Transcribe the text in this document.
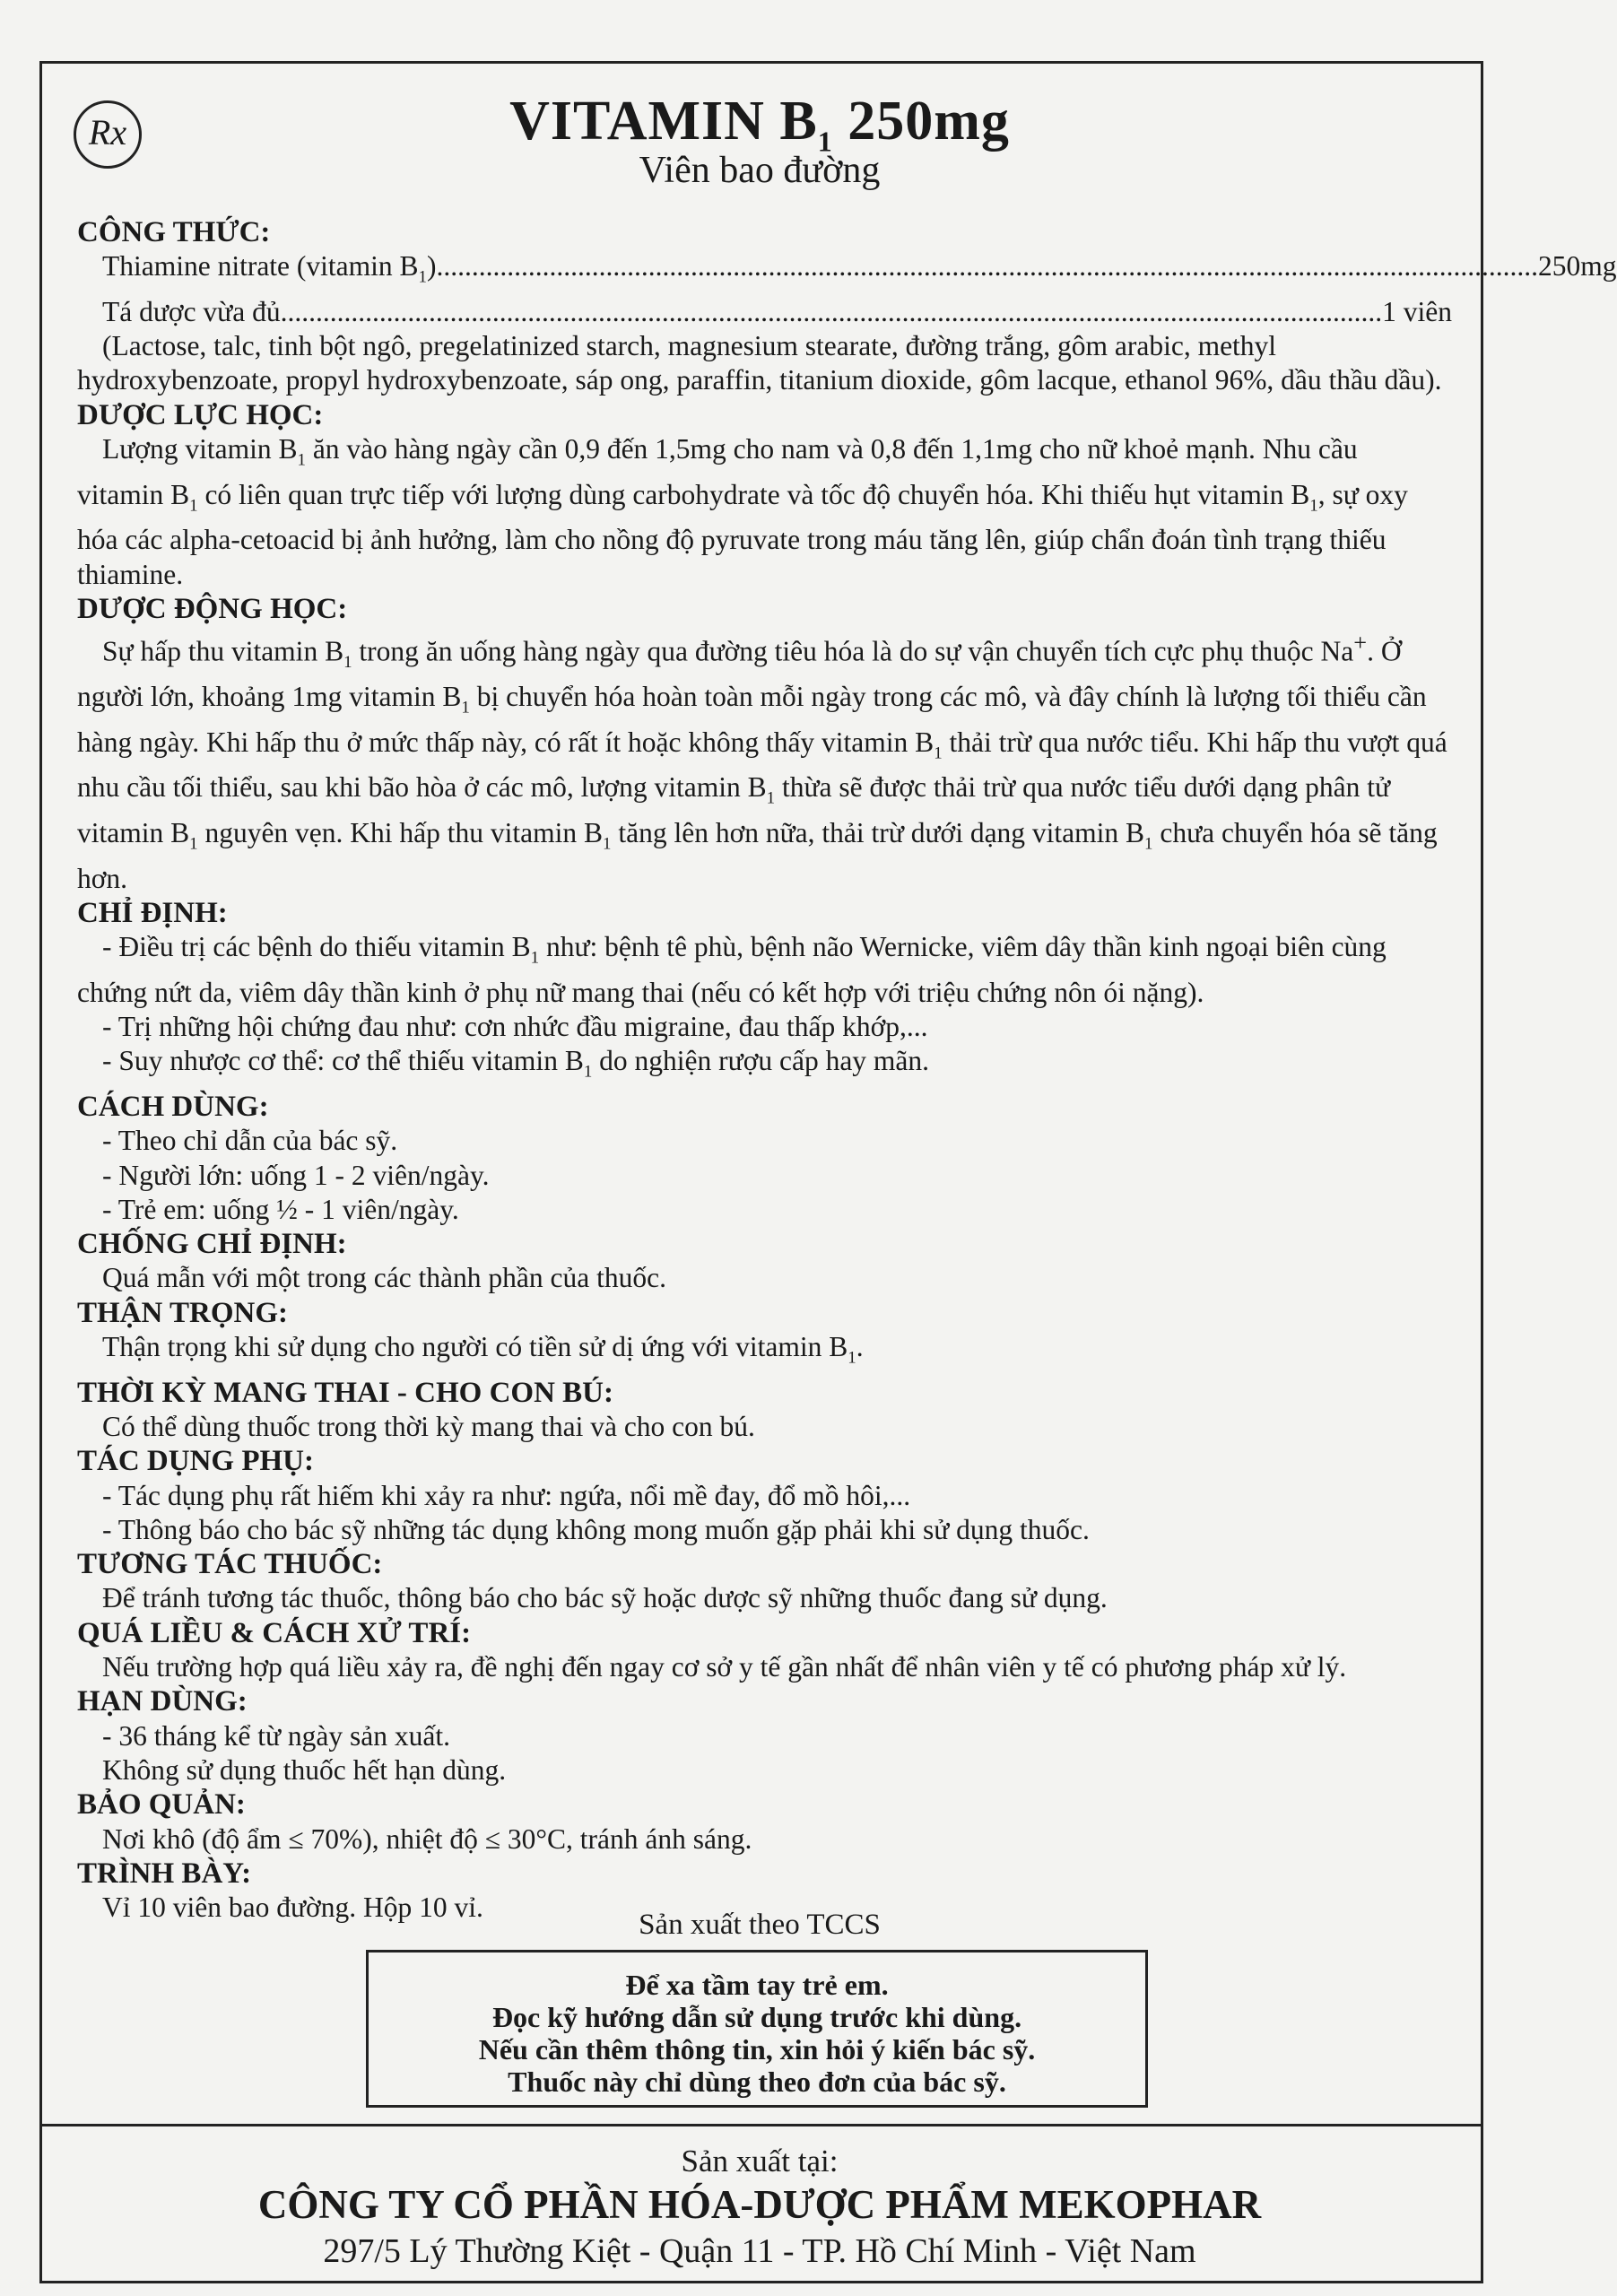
Rx	VITAMIN $B_1$ 250mg
Viên bao đường
CÔNG THỨC:
Thiamine nitrate (vitamin $B_1$) ............................................................................................................................................................ 250mg
Tá dược vừa đủ ............................................................................................................................................................ 1 viên
(Lactose, talc, tinh bột ngô, pregelatinized starch, magnesium stearate, đường trắng, gôm arabic, methyl hydroxybenzoate, propyl hydroxybenzoate, sáp ong, paraffin, titanium dioxide, gôm lacque, ethanol 96%, dầu thầu dầu).
DƯỢC LỰC HỌC:
Lượng vitamin $B_1$ ăn vào hàng ngày cần 0,9 đến 1,5mg cho nam và 0,8 đến 1,1mg cho nữ khoẻ mạnh. Nhu cầu vitamin $B_1$ có liên quan trực tiếp với lượng dùng carbohydrate và tốc độ chuyển hóa. Khi thiếu hụt vitamin $B_1$, sự oxy hóa các alpha-cetoacid bị ảnh hưởng, làm cho nồng độ pyruvate trong máu tăng lên, giúp chẩn đoán tình trạng thiếu thiamine.
DƯỢC ĐỘNG HỌC:
Sự hấp thu vitamin $B_1$ trong ăn uống hàng ngày qua đường tiêu hóa là do sự vận chuyển tích cực phụ thuộc Na+. Ở người lớn, khoảng 1mg vitamin $B_1$ bị chuyển hóa hoàn toàn mỗi ngày trong các mô, và đây chính là lượng tối thiểu cần hàng ngày. Khi hấp thu ở mức thấp này, có rất ít hoặc không thấy vitamin $B_1$ thải trừ qua nước tiểu. Khi hấp thu vượt quá nhu cầu tối thiểu, sau khi bão hòa ở các mô, lượng vitamin $B_1$ thừa sẽ được thải trừ qua nước tiểu dưới dạng phân tử vitamin $B_1$ nguyên vẹn. Khi hấp thu vitamin $B_1$ tăng lên hơn nữa, thải trừ dưới dạng vitamin $B_1$ chưa chuyển hóa sẽ tăng hơn.
CHỈ ĐỊNH:
- Điều trị các bệnh do thiếu vitamin $B_1$ như: bệnh tê phù, bệnh não Wernicke, viêm dây thần kinh ngoại biên cùng chứng nứt da, viêm dây thần kinh ở phụ nữ mang thai (nếu có kết hợp với triệu chứng nôn ói nặng).
- Trị những hội chứng đau như: cơn nhức đầu migraine, đau thấp khớp,...
- Suy nhược cơ thể: cơ thể thiếu vitamin $B_1$ do nghiện rượu cấp hay mãn.
CÁCH DÙNG:
- Theo chỉ dẫn của bác sỹ.
- Người lớn: uống 1 - 2 viên/ngày.
- Trẻ em: uống ½ - 1 viên/ngày.
CHỐNG CHỈ ĐỊNH:
Quá mẫn với một trong các thành phần của thuốc.
THẬN TRỌNG:
Thận trọng khi sử dụng cho người có tiền sử dị ứng với vitamin $B_1$.
THỜI KỲ MANG THAI - CHO CON BÚ:
Có thể dùng thuốc trong thời kỳ mang thai và cho con bú.
TÁC DỤNG PHỤ:
- Tác dụng phụ rất hiếm khi xảy ra như: ngứa, nổi mề đay, đổ mồ hôi,...
- Thông báo cho bác sỹ những tác dụng không mong muốn gặp phải khi sử dụng thuốc.
TƯƠNG TÁC THUỐC:
Để tránh tương tác thuốc, thông báo cho bác sỹ hoặc dược sỹ những thuốc đang sử dụng.
QUÁ LIỀU & CÁCH XỬ TRÍ:
Nếu trường hợp quá liều xảy ra, đề nghị đến ngay cơ sở y tế gần nhất để nhân viên y tế có phương pháp xử lý.
HẠN DÙNG:
- 36 tháng kể từ ngày sản xuất.
Không sử dụng thuốc hết hạn dùng.
BẢO QUẢN:
Nơi khô (độ ẩm ≤ 70%), nhiệt độ ≤ 30°C, tránh ánh sáng.
TRÌNH BÀY:
Vỉ 10 viên bao đường. Hộp 10 vỉ.
Sản xuất theo TCCS
Để xa tầm tay trẻ em.
Đọc kỹ hướng dẫn sử dụng trước khi dùng.
Nếu cần thêm thông tin, xin hỏi ý kiến bác sỹ.
Thuốc này chỉ dùng theo đơn của bác sỹ.
Sản xuất tại:
CÔNG TY CỔ PHẦN HÓA-DƯỢC PHẨM MEKOPHAR
297/5 Lý Thường Kiệt - Quận 11 - TP. Hồ Chí Minh - Việt Nam
